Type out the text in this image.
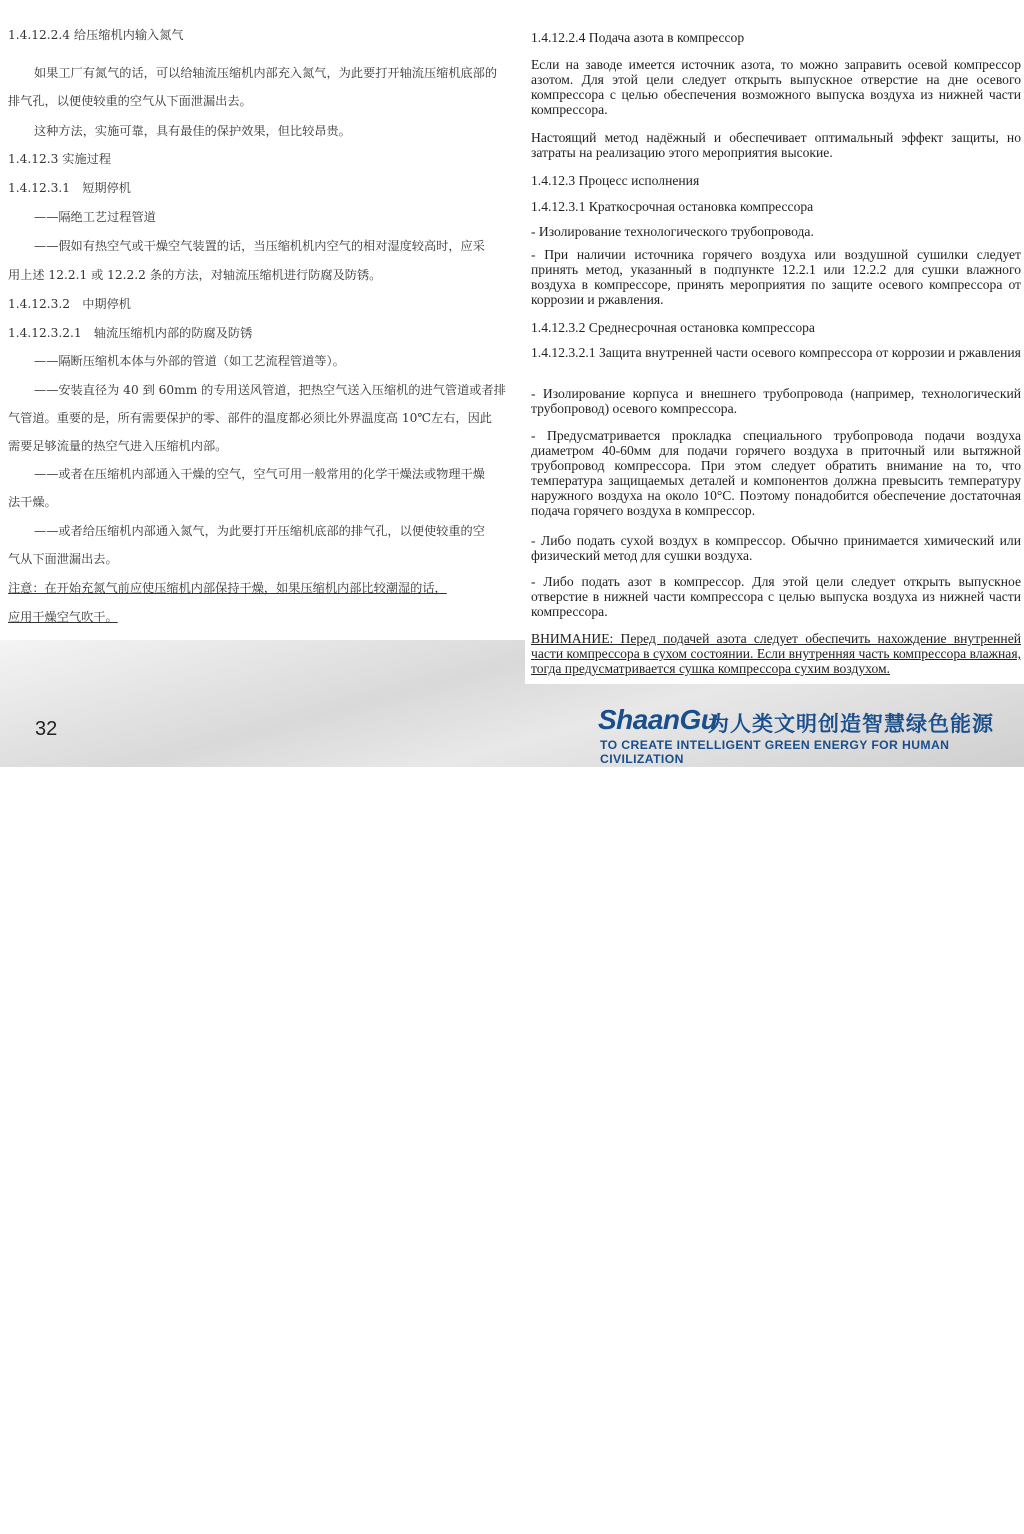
1.4.12.2.4 给压缩机内输入氮气
如果工厂有氮气的话，可以给轴流压缩机内部充入氮气，为此要打开轴流压缩机底部的
排气孔，以便使较重的空气从下面泄漏出去。
这种方法，实施可靠，具有最佳的保护效果，但比较昂贵。
1.4.12.3 实施过程
1.4.12.3.1　短期停机
——隔绝工艺过程管道
——假如有热空气或干燥空气装置的话，当压缩机机内空气的相对湿度较高时，应采
用上述 12.2.1 或 12.2.2 条的方法，对轴流压缩机进行防腐及防锈。
1.4.12.3.2　中期停机
1.4.12.3.2.1　轴流压缩机内部的防腐及防锈
——隔断压缩机本体与外部的管道（如工艺流程管道等）。
——安装直径为 40 到 60mm 的专用送风管道，把热空气送入压缩机的进气管道或者排
气管道。重要的是，所有需要保护的零、部件的温度都必须比外界温度高 10℃左右，因此
需要足够流量的热空气进入压缩机内部。
——或者在压缩机内部通入干燥的空气，空气可用一般常用的化学干燥法或物理干燥
法干燥。
——或者给压缩机内部通入氮气，为此要打开压缩机底部的排气孔，以便使较重的空
气从下面泄漏出去。
注意：在开始充氮气前应使压缩机内部保持干燥，如果压缩机内部比较潮湿的话，
应用干燥空气吹干。
1.4.12.2.4 Подача азота в компрессор
Если на заводе имеется источник азота, то можно заправить осевой компрессор азотом. Для этой цели следует открыть выпускное отверстие на дне осевого компрессора с целью обеспечения возможного выпуска воздуха из нижней части компрессора.
Настоящий метод надёжный и обеспечивает оптимальный эффект защиты, но затраты на реализацию этого мероприятия высокие.
1.4.12.3 Процесс исполнения
1.4.12.3.1 Краткосрочная остановка компрессора
- Изолирование технологического трубопровода.
- При наличии источника горячего воздуха или воздушной сушилки следует принять метод, указанный в подпункте 12.2.1 или 12.2.2 для сушки влажного воздуха в компрессоре, принять мероприятия по защите осевого компрессора от коррозии и ржавления.
1.4.12.3.2 Среднесрочная остановка компрессора
1.4.12.3.2.1 Защита внутренней части осевого компрессора от коррозии и ржавления
- Изолирование корпуса и внешнего трубопровода (например, технологический трубопровод) осевого компрессора.
- Предусматривается прокладка специального трубопровода подачи воздуха диаметром 40-60мм для подачи горячего воздуха в приточный или вытяжной трубопровод компрессора. При этом следует обратить внимание на то, что температура защищаемых деталей и компонентов должна превысить температуру наружного воздуха на около 10°C. Поэтому понадобится обеспечение достаточная подача горячего воздуха в компрессор.
- Либо подать сухой воздух в компрессор. Обычно принимается химический или физический метод для сушки воздуха.
- Либо подать азот в компрессор. Для этой цели следует открыть выпускное отверстие в нижней части компрессора с целью выпуска воздуха из нижней части компрессора.
ВНИМАНИЕ: Перед подачей азота следует обеспечить нахождение внутренней части компрессора в сухом состоянии. Если внутренняя часть компрессора влажная, тогда предусматривается сушка компрессора сухим воздухом.
32	ShaanGu
为人类文明创造智慧绿色能源
TO CREATE INTELLIGENT GREEN ENERGY FOR HUMAN CIVILIZATION
